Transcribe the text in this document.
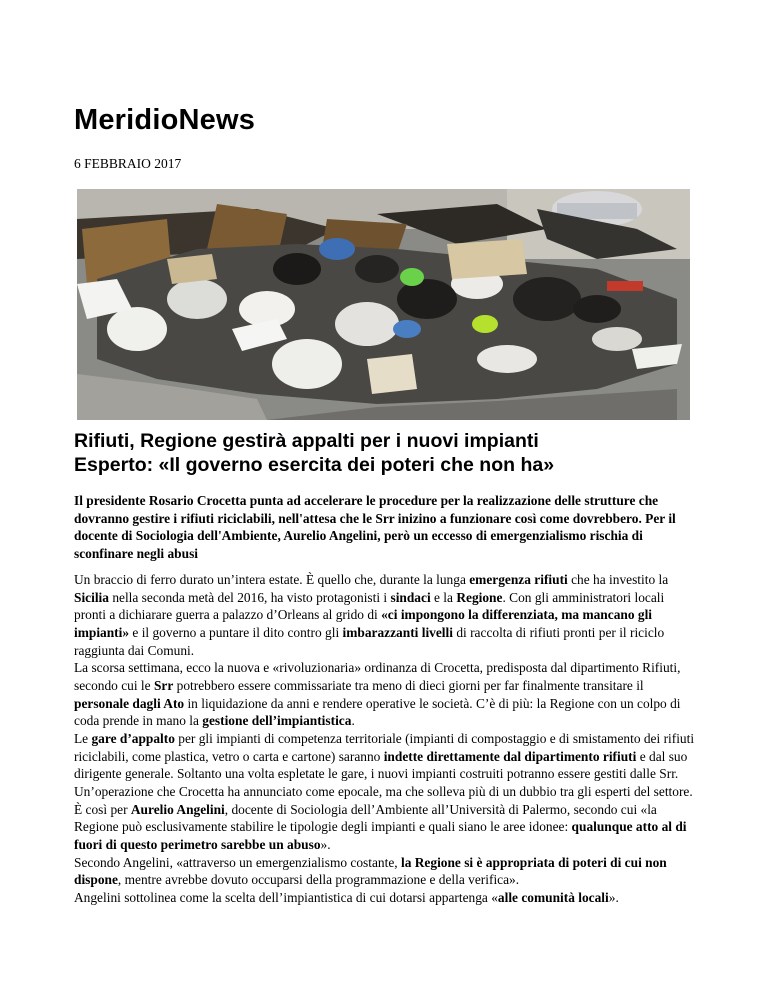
MeridioNews
6 FEBBRAIO 2017
Rifiuti, Regione gestirà appalti per i nuovi impianti
Esperto: «Il governo esercita dei poteri che non ha»
Il presidente Rosario Crocetta punta ad accelerare le procedure per la realizzazione delle strutture che dovranno gestire i rifiuti riciclabili, nell'attesa che le Srr inizino a funzionare così come dovrebbero. Per il docente di Sociologia dell'Ambiente, Aurelio Angelini, però un eccesso di emergenzialismo rischia di sconfinare negli abusi

Un braccio di ferro durato un’intera estate. È quello che, durante la lunga emergenza rifiuti che ha investito la Sicilia nella seconda metà del 2016, ha visto protagonisti i sindaci e la Regione. Con gli amministratori locali pronti a dichiarare guerra a palazzo d’Orleans al grido di «ci impongono la differenziata, ma mancano gli impianti» e il governo a puntare il dito contro gli imbarazzanti livelli di raccolta di rifiuti pronti per il riciclo raggiunta dai Comuni.

La scorsa settimana, ecco la nuova e «rivoluzionaria» ordinanza di Crocetta, predisposta dal dipartimento Rifiuti, secondo cui le Srr potrebbero essere commissariate tra meno di dieci giorni per far finalmente transitare il personale dagli Ato in liquidazione da anni e rendere operative le società. C’è di più: la Regione con un colpo di coda prende in mano la gestione dell’impiantistica.

Le gare d’appalto per gli impianti di competenza territoriale (impianti di compostaggio e di smistamento dei rifiuti riciclabili, come plastica, vetro o carta e cartone) saranno indette direttamente dal dipartimento rifiuti e dal suo dirigente generale. Soltanto una volta espletate le gare, i nuovi impianti costruiti potranno essere gestiti dalle Srr.

Un’operazione che Crocetta ha annunciato come epocale, ma che solleva più di un dubbio tra gli esperti del settore. È così per Aurelio Angelini, docente di Sociologia dell’Ambiente all’Università di Palermo, secondo cui «la Regione può esclusivamente stabilire le tipologie degli impianti e quali siano le aree idonee: qualunque atto al di fuori di questo perimetro sarebbe un abuso».

Secondo Angelini, «attraverso un emergenzialismo costante, la Regione si è appropriata di poteri di cui non dispone, mentre avrebbe dovuto occuparsi della programmazione e della verifica».

Angelini sottolinea come la scelta dell’impiantistica di cui dotarsi appartenga «alle comunità locali».
